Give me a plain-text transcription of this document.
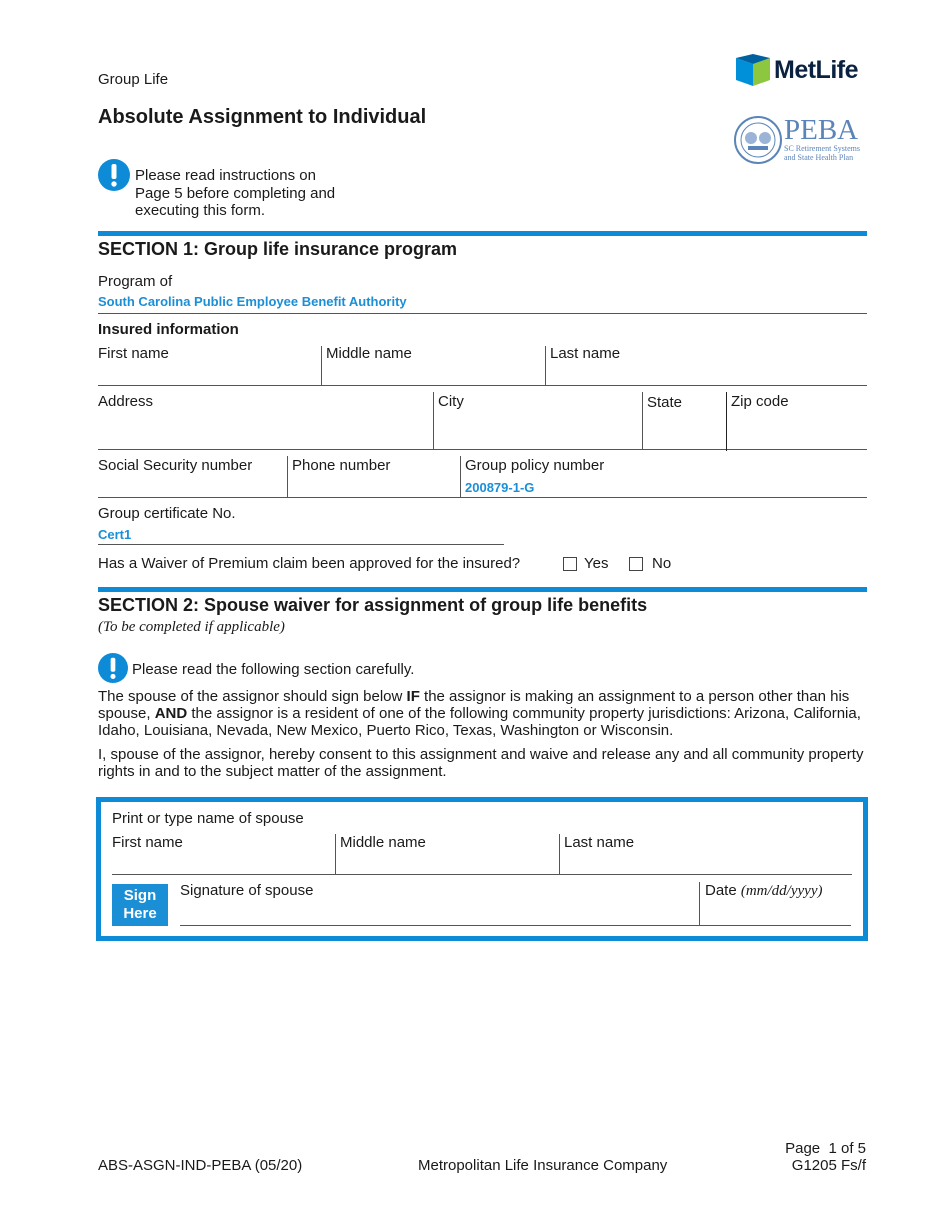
Group Life
Absolute Assignment to Individual
MetLife
PEBA
SC Retirement Systems
and State Health Plan
Please read instructions on
Page 5 before completing and
executing this form.
SECTION 1: Group life insurance program
Program of
South Carolina Public Employee Benefit Authority
Insured information
First name	Middle name	Last name
Address	City	State	Zip code
Social Security number	Phone number	Group policy number
200879-1-G
Group certificate No.
Cert1
Has a Waiver of Premium claim been approved for the insured?	Yes	No
SECTION 2: Spouse waiver for assignment of group life benefits
(To be completed if applicable)
Please read the following section carefully.
The spouse of the assignor should sign below IF the assignor is making an assignment to a person other than his spouse, AND the assignor is a resident of one of the following community property jurisdictions: Arizona, California, Idaho, Louisiana, Nevada, New Mexico, Puerto Rico, Texas, Washington or Wisconsin.
I, spouse of the assignor, hereby consent to this assignment and waive and release any and all community property rights in and to the subject matter of the assignment.
Print or type name of spouse
First name	Middle name	Last name
Sign
Here
Signature of spouse	Date (mm/dd/yyyy)
ABS-ASGN-IND-PEBA (05/20)	Metropolitan Life Insurance Company
Page  1 of 5
G1205 Fs/f
